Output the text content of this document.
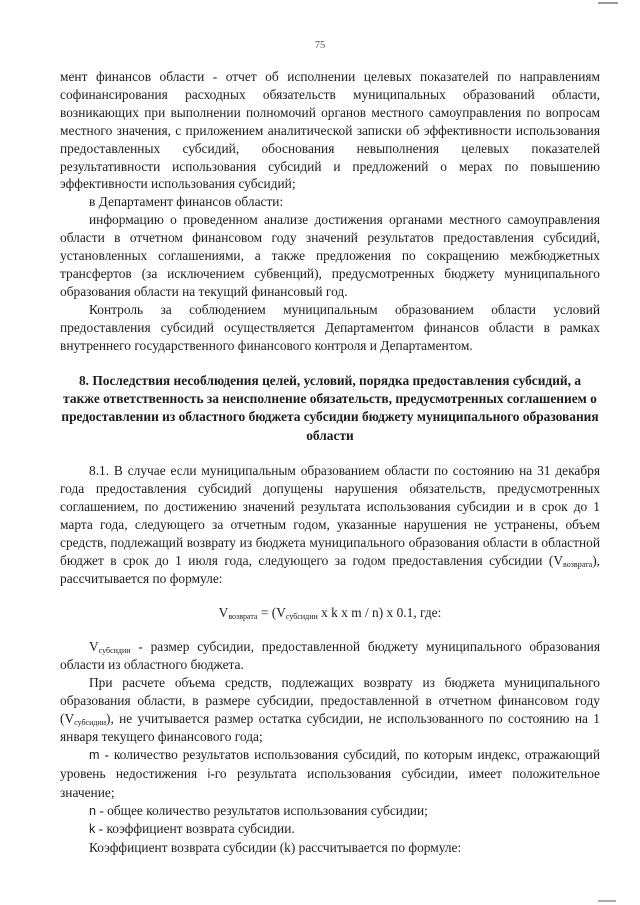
75

мент финансов области - отчет об исполнении целевых показателей по направлениям софинансирования расходных обязательств муниципальных образований области, возникающих при выполнении полномочий органов местного самоуправления по вопросам местного значения, с приложением аналитической записки об эффективности использования предоставленных субсидий, обоснования невыполнения целевых показателей результативности использования субсидий и предложений о мерах по повышению эффективности использования субсидий;

в Департамент финансов области:

информацию о проведенном анализе достижения органами местного самоуправления области в отчетном финансовом году значений результатов предоставления субсидий, установленных соглашениями, а также предложения по сокращению межбюджетных трансфертов (за исключением субвенций), предусмотренных бюджету муниципального образования области на текущий финансовый год.

Контроль за соблюдением муниципальным образованием области условий предоставления субсидий осуществляется Департаментом финансов области в рамках внутреннего государственного финансового контроля и Департаментом.

8. Последствия несоблюдения целей, условий, порядка предоставления субсидий, а также ответственность за неисполнение обязательств, предусмотренных соглашением о предоставлении из областного бюджета субсидии бюджету муниципального образования области

8.1. В случае если муниципальным образованием области по состоянию на 31 декабря года предоставления субсидий допущены нарушения обязательств, предусмотренных соглашением, по достижению значений результата использования субсидии и в срок до 1 марта года, следующего за отчетным годом, указанные нарушения не устранены, объем средств, подлежащий возврату из бюджета муниципального образования области в областной бюджет в срок до 1 июля года, следующего за годом предоставления субсидии $(V_{возврата})$, рассчитывается по формуле:

$V_{возврата} = (V_{субсидии}$ x k x m / n) x 0.1, где:

$V_{субсидии}$ - размер субсидии, предоставленной бюджету муниципального образования области из областного бюджета.

При расчете объема средств, подлежащих возврату из бюджета муниципального образования области, в размере субсидии, предоставленной в отчетном финансовом году $(V_{субсидии})$, не учитывается размер остатка субсидии, не использованного по состоянию на 1 января текущего финансового года;

m - количество результатов использования субсидий, по которым индекс, отражающий уровень недостижения i-го результата использования субсидии, имеет положительное значение;

n - общее количество результатов использования субсидии;

k - коэффициент возврата субсидии.

Коэффициент возврата субсидии (k) рассчитывается по формуле:
